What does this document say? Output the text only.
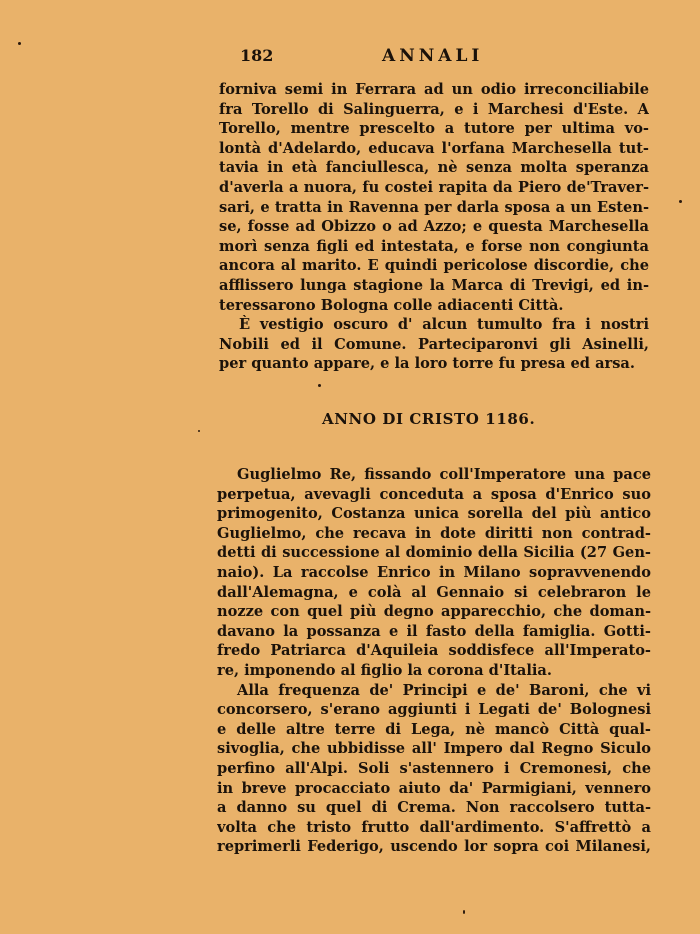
182	ANNALI
forniva semi in Ferrara ad un odio irreconciliabile
fra Torello di Salinguerra, e i Marchesi d'Este. A
Torello, mentre prescelto a tutore per ultima vo-
lontà d'Adelardo, educava l'orfana Marchesella tut-
tavia in età fanciullesca, nè senza molta speranza
d'averla a nuora, fu costei rapita da Piero de'Traver-
sari, e tratta in Ravenna per darla sposa a un Esten-
se, fosse ad Obizzo o ad Azzo; e questa Marchesella
morì senza figli ed intestata, e forse non congiunta
ancora al marito. E quindi pericolose discordie, che
afflissero lunga stagione la Marca di Trevigi, ed in-
teressarono Bologna colle adiacenti Città.
È vestigio oscuro d' alcun tumulto fra i nostri
Nobili ed il Comune. Parteciparonvi gli Asinelli,
per quanto appare, e la loro torre fu presa ed arsa.
ANNO DI CRISTO 1186.
Guglielmo Re, fissando coll'Imperatore una pace
perpetua, avevagli conceduta a sposa d'Enrico suo
primogenito, Costanza unica sorella del più antico
Guglielmo, che recava in dote diritti non contrad-
detti di successione al dominio della Sicilia (27 Gen-
naio). La raccolse Enrico in Milano sopravvenendo
dall'Alemagna, e colà al Gennaio si celebraron le
nozze con quel più degno apparecchio, che doman-
davano la possanza e il fasto della famiglia. Gotti-
fredo Patriarca d'Aquileia soddisfece all'Imperato-
re, imponendo al figlio la corona d'Italia.
Alla frequenza de' Principi e de' Baroni, che vi
concorsero, s'erano aggiunti i Legati de' Bolognesi
e delle altre terre di Lega, nè mancò Città qual-
sivoglia, che ubbidisse all' Impero dal Regno Siculo
perfino all'Alpi. Soli s'astennero i Cremonesi, che
in breve procacciato aiuto da' Parmigiani, vennero
a danno su quel di Crema. Non raccolsero tutta-
volta che tristo frutto dall'ardimento. S'affrettò a
reprimerli Federigo, uscendo lor sopra coi Milanesi,
